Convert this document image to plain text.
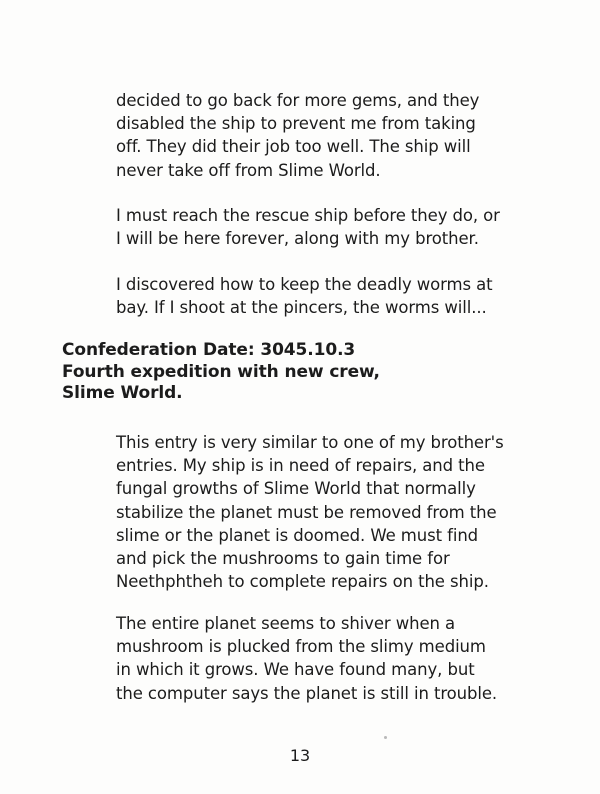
decided to go back for more gems, and they
disabled the ship to prevent me from taking
off. They did their job too well. The ship will
never take off from Slime World.

I must reach the rescue ship before they do, or
I will be here forever, along with my brother.

I discovered how to keep the deadly worms at
bay. If I shoot at the pincers, the worms will...

Confederation Date: 3045.10.3
Fourth expedition with new crew,
Slime World.

This entry is very similar to one of my brother's
entries. My ship is in need of repairs, and the
fungal growths of Slime World that normally
stabilize the planet must be removed from the
slime or the planet is doomed. We must find
and pick the mushrooms to gain time for
Neethphtheh to complete repairs on the ship.

The entire planet seems to shiver when a
mushroom is plucked from the slimy medium
in which it grows. We have found many, but
the computer says the planet is still in trouble.

13
